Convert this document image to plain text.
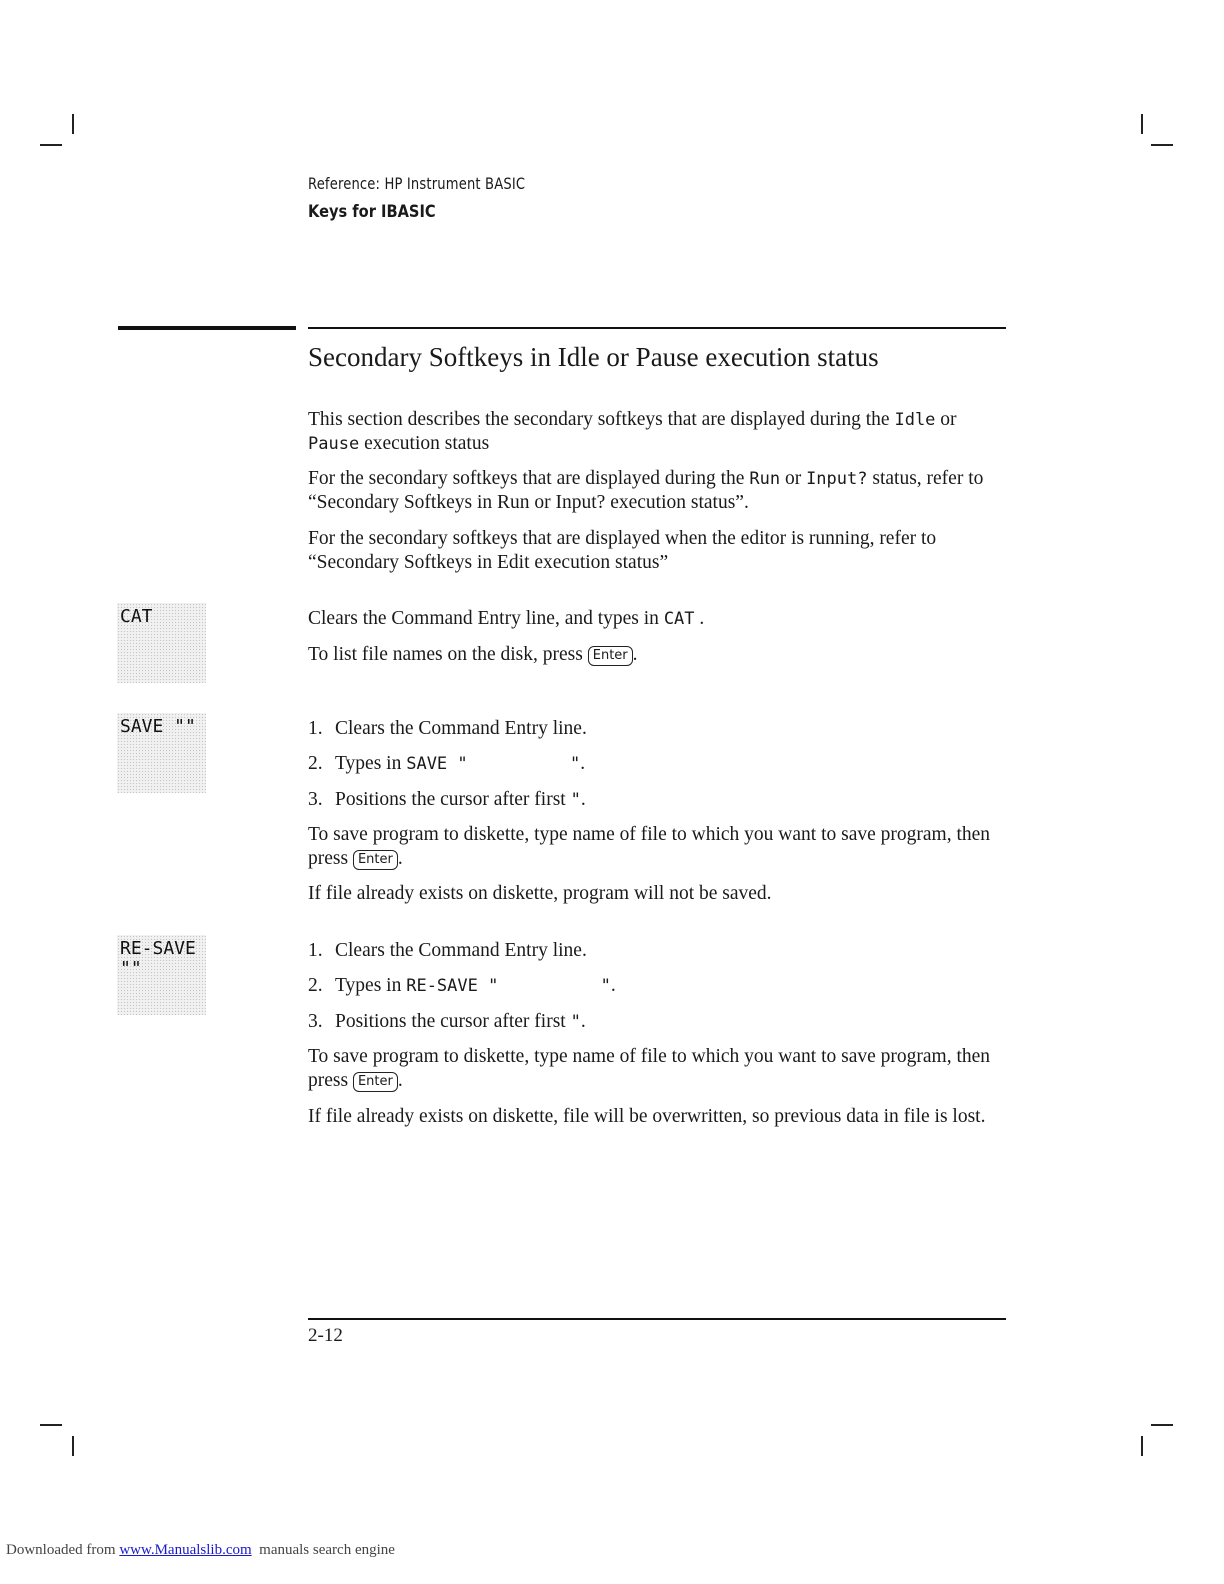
Reference: HP Instrument BASIC
Keys for IBASIC
Secondary Softkeys in Idle or Pause execution status

This section describes the secondary softkeys that are displayed during the Idle or Pause execution status

For the secondary softkeys that are displayed during the Run or Input? status, refer to “Secondary Softkeys in Run or Input? execution status”.

For the secondary softkeys that are displayed when the editor is running, refer to “Secondary Softkeys in Edit execution status”

CAT	Clears the Command Entry line, and types in CAT .

To list file names on the disk, press Enter .

SAVE ""	1. Clears the Command Entry line.

2. Types in SAVE "          ".

3. Positions the cursor after first ".

To save program to diskette, type name of file to which you want to save program, then press Enter .

If file already exists on diskette, program will not be saved.

RE-SAVE
""

1. Clears the Command Entry line.

2. Types in RE-SAVE "          ".

3. Positions the cursor after first ".

To save program to diskette, type name of file to which you want to save program, then press Enter .

If file already exists on diskette, file will be overwritten, so previous data in file is lost.

2-12
Downloaded from www.Manualslib.com  manuals search engine
